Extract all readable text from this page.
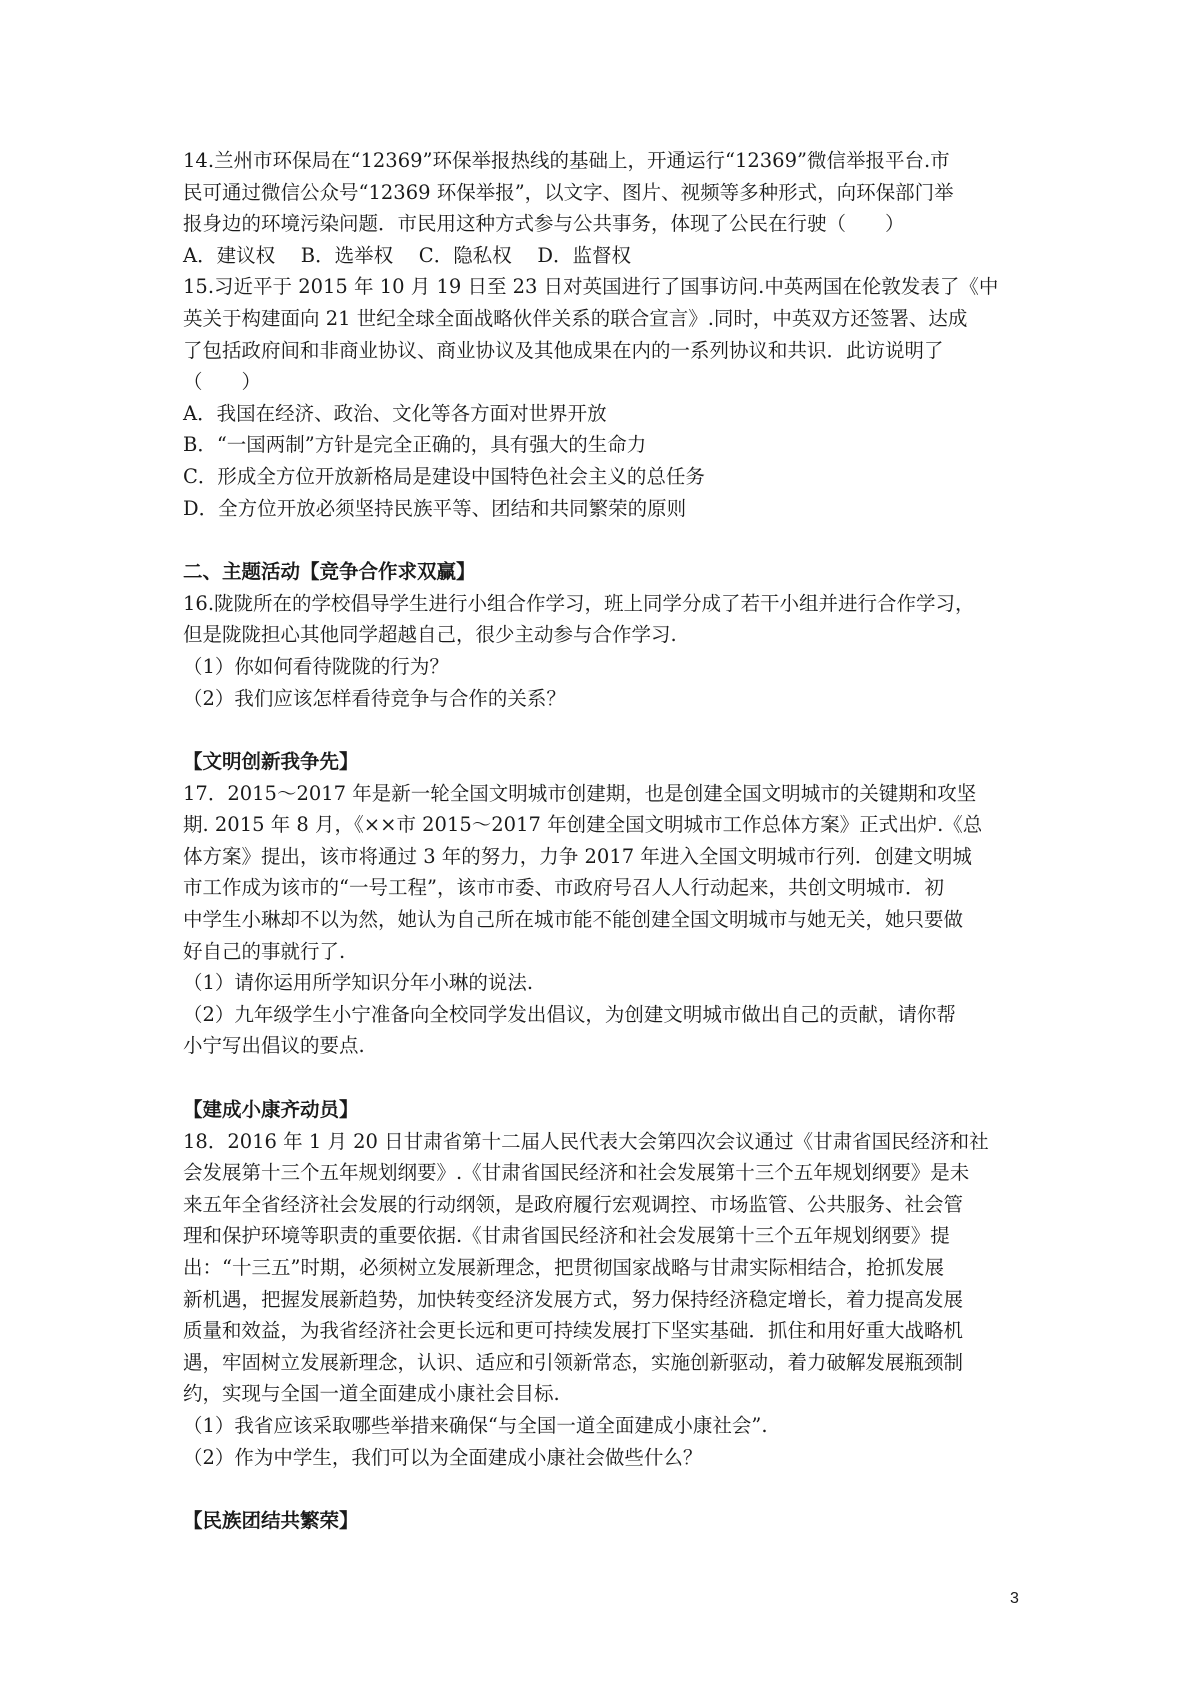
14.兰州市环保局在“12369”环保举报热线的基础上，开通运行“12369”微信举报平台.市

民可通过微信公众号“12369 环保举报”，以文字、图片、视频等多种形式，向环保部门举

报身边的环境污染问题．市民用这种方式参与公共事务，体现了公民在行驶（　　）

A．建议权　 B．选举权　 C．隐私权　 D．监督权

15.习近平于 2015 年 10 月 19 日至 23 日对英国进行了国事访问.中英两国在伦敦发表了《中

英关于构建面向 21 世纪全球全面战略伙伴关系的联合宣言》.同时，中英双方还签署、达成

了包括政府间和非商业协议、商业协议及其他成果在内的一系列协议和共识．此访说明了

（　　）

A．我国在经济、政治、文化等各方面对世界开放

B．“一国两制”方针是完全正确的，具有强大的生命力

C．形成全方位开放新格局是建设中国特色社会主义的总任务

D．全方位开放必须坚持民族平等、团结和共同繁荣的原则

二、主题活动【竞争合作求双赢】

16.陇陇所在的学校倡导学生进行小组合作学习，班上同学分成了若干小组并进行合作学习，

但是陇陇担心其他同学超越自己，很少主动参与合作学习.

（1）你如何看待陇陇的行为？

（2）我们应该怎样看待竞争与合作的关系？

【文明创新我争先】

17．2015～2017 年是新一轮全国文明城市创建期，也是创建全国文明城市的关键期和攻坚

期. 2015 年 8 月，《××市 2015～2017 年创建全国文明城市工作总体方案》正式出炉.《总

体方案》提出，该市将通过 3 年的努力，力争 2017 年进入全国文明城市行列．创建文明城

市工作成为该市的“一号工程”，该市市委、市政府号召人人行动起来，共创文明城市．初

中学生小琳却不以为然，她认为自己所在城市能不能创建全国文明城市与她无关，她只要做

好自己的事就行了.

（1）请你运用所学知识分年小琳的说法.

（2）九年级学生小宁准备向全校同学发出倡议，为创建文明城市做出自己的贡献，请你帮

小宁写出倡议的要点.

【建成小康齐动员】

18．2016 年 1 月 20 日甘肃省第十二届人民代表大会第四次会议通过《甘肃省国民经济和社

会发展第十三个五年规划纲要》.《甘肃省国民经济和社会发展第十三个五年规划纲要》是未

来五年全省经济社会发展的行动纲领，是政府履行宏观调控、市场监管、公共服务、社会管

理和保护环境等职责的重要依据.《甘肃省国民经济和社会发展第十三个五年规划纲要》提

出：“十三五”时期，必须树立发展新理念，把贯彻国家战略与甘肃实际相结合，抢抓发展

新机遇，把握发展新趋势，加快转变经济发展方式，努力保持经济稳定增长，着力提高发展

质量和效益，为我省经济社会更长远和更可持续发展打下坚实基础．抓住和用好重大战略机

遇，牢固树立发展新理念，认识、适应和引领新常态，实施创新驱动，着力破解发展瓶颈制

约，实现与全国一道全面建成小康社会目标.

（1）我省应该采取哪些举措来确保“与全国一道全面建成小康社会”.

（2）作为中学生，我们可以为全面建成小康社会做些什么？

【民族团结共繁荣】

3
